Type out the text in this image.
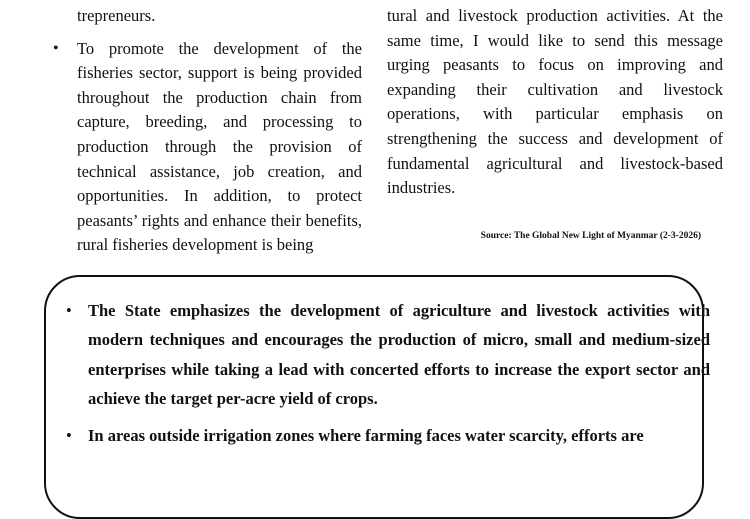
trepreneurs.

• To promote the development of the fisheries sector, support is being provided throughout the production chain from capture, breeding, and processing to production through the provision of technical assistance, job creation, and opportunities. In addition, to protect peasants’ rights and enhance their benefits, rural fisheries development is being

tural and livestock production activities. At the same time, I would like to send this message urging peasants to focus on improving and expanding their cultivation and livestock operations, with particular emphasis on strengthening the success and development of fundamental agricultural and livestock-based industries.

Source: The Global New Light of Myanmar (2-3-2026)
• The State emphasizes the development of agriculture and livestock activities with modern techniques and encourages the production of micro, small and medium-sized enterprises while taking a lead with concerted efforts to increase the export sector and achieve the target per-acre yield of crops.
• In areas outside irrigation zones where farming faces water scarcity, efforts are
